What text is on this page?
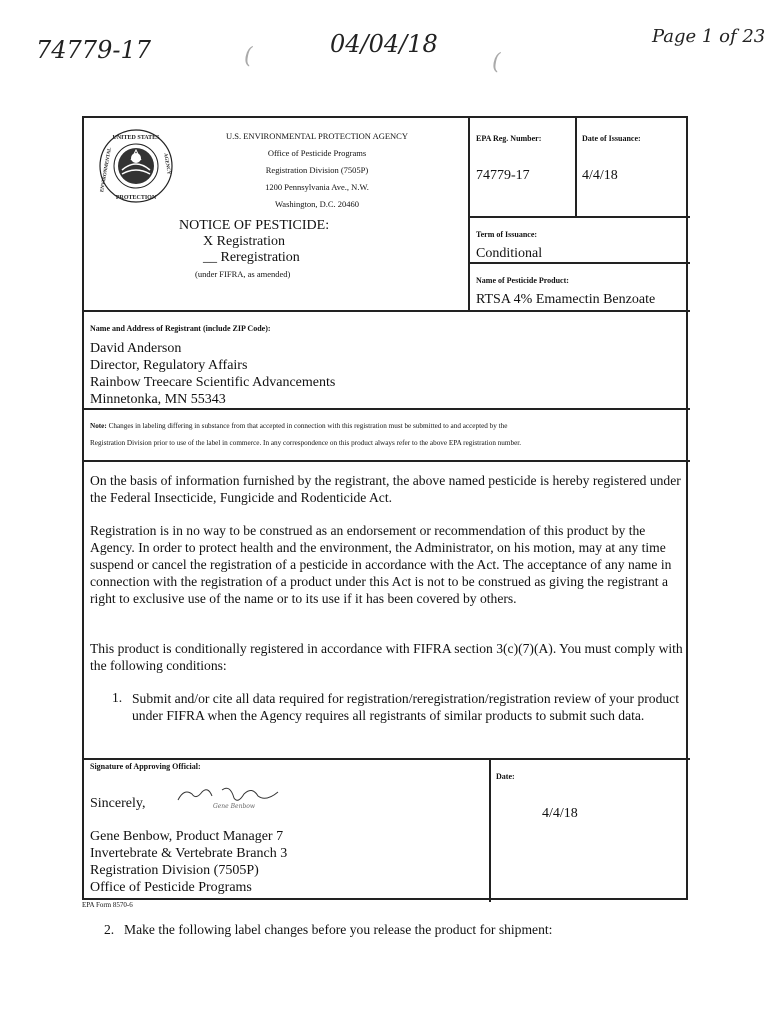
74779-17	(	04/04/18
(
Page 1 of 23
UNITED STATES
ENVIRONMENTAL	AGENCY
PROTECTION
U.S. ENVIRONMENTAL PROTECTION AGENCY
Office of Pesticide Programs
Registration Division (7505P)
1200 Pennsylvania Ave., N.W.
Washington, D.C. 20460
NOTICE OF PESTICIDE:
X Registration
__ Reregistration
(under FIFRA, as amended)
EPA Reg. Number:
74779-17
Date of Issuance:
4/4/18
Term of Issuance:
Conditional
Name of Pesticide Product:
RTSA 4% Emamectin Benzoate
Name and Address of Registrant (include ZIP Code):
David Anderson
Director, Regulatory Affairs
Rainbow Treecare Scientific Advancements
Minnetonka, MN 55343
Note: Changes in labeling differing in substance from that accepted in connection with this registration must be submitted to and accepted by the
Registration Division prior to use of the label in commerce. In any correspondence on this product always refer to the above EPA registration number.
On the basis of information furnished by the registrant, the above named pesticide is hereby registered under the Federal Insecticide, Fungicide and Rodenticide Act.
Registration is in no way to be construed as an endorsement or recommendation of this product by the Agency. In order to protect health and the environment, the Administrator, on his motion, may at any time suspend or cancel the registration of a pesticide in accordance with the Act. The acceptance of any name in connection with the registration of a product under this Act is not to be construed as giving the registrant a right to exclusive use of the name or to its use if it has been covered by others.
This product is conditionally registered in accordance with FIFRA section 3(c)(7)(A). You must comply with the following conditions:
1. Submit and/or cite all data required for registration/reregistration/registration review of your product under FIFRA when the Agency requires all registrants of similar products to submit such data.
Signature of Approving Official:
Sincerely,	Gene Benbow
Gene Benbow, Product Manager 7
Invertebrate & Vertebrate Branch 3
Registration Division (7505P)
Office of Pesticide Programs
Date:
4/4/18
EPA Form 8570-6
2. Make the following label changes before you release the product for shipment:
